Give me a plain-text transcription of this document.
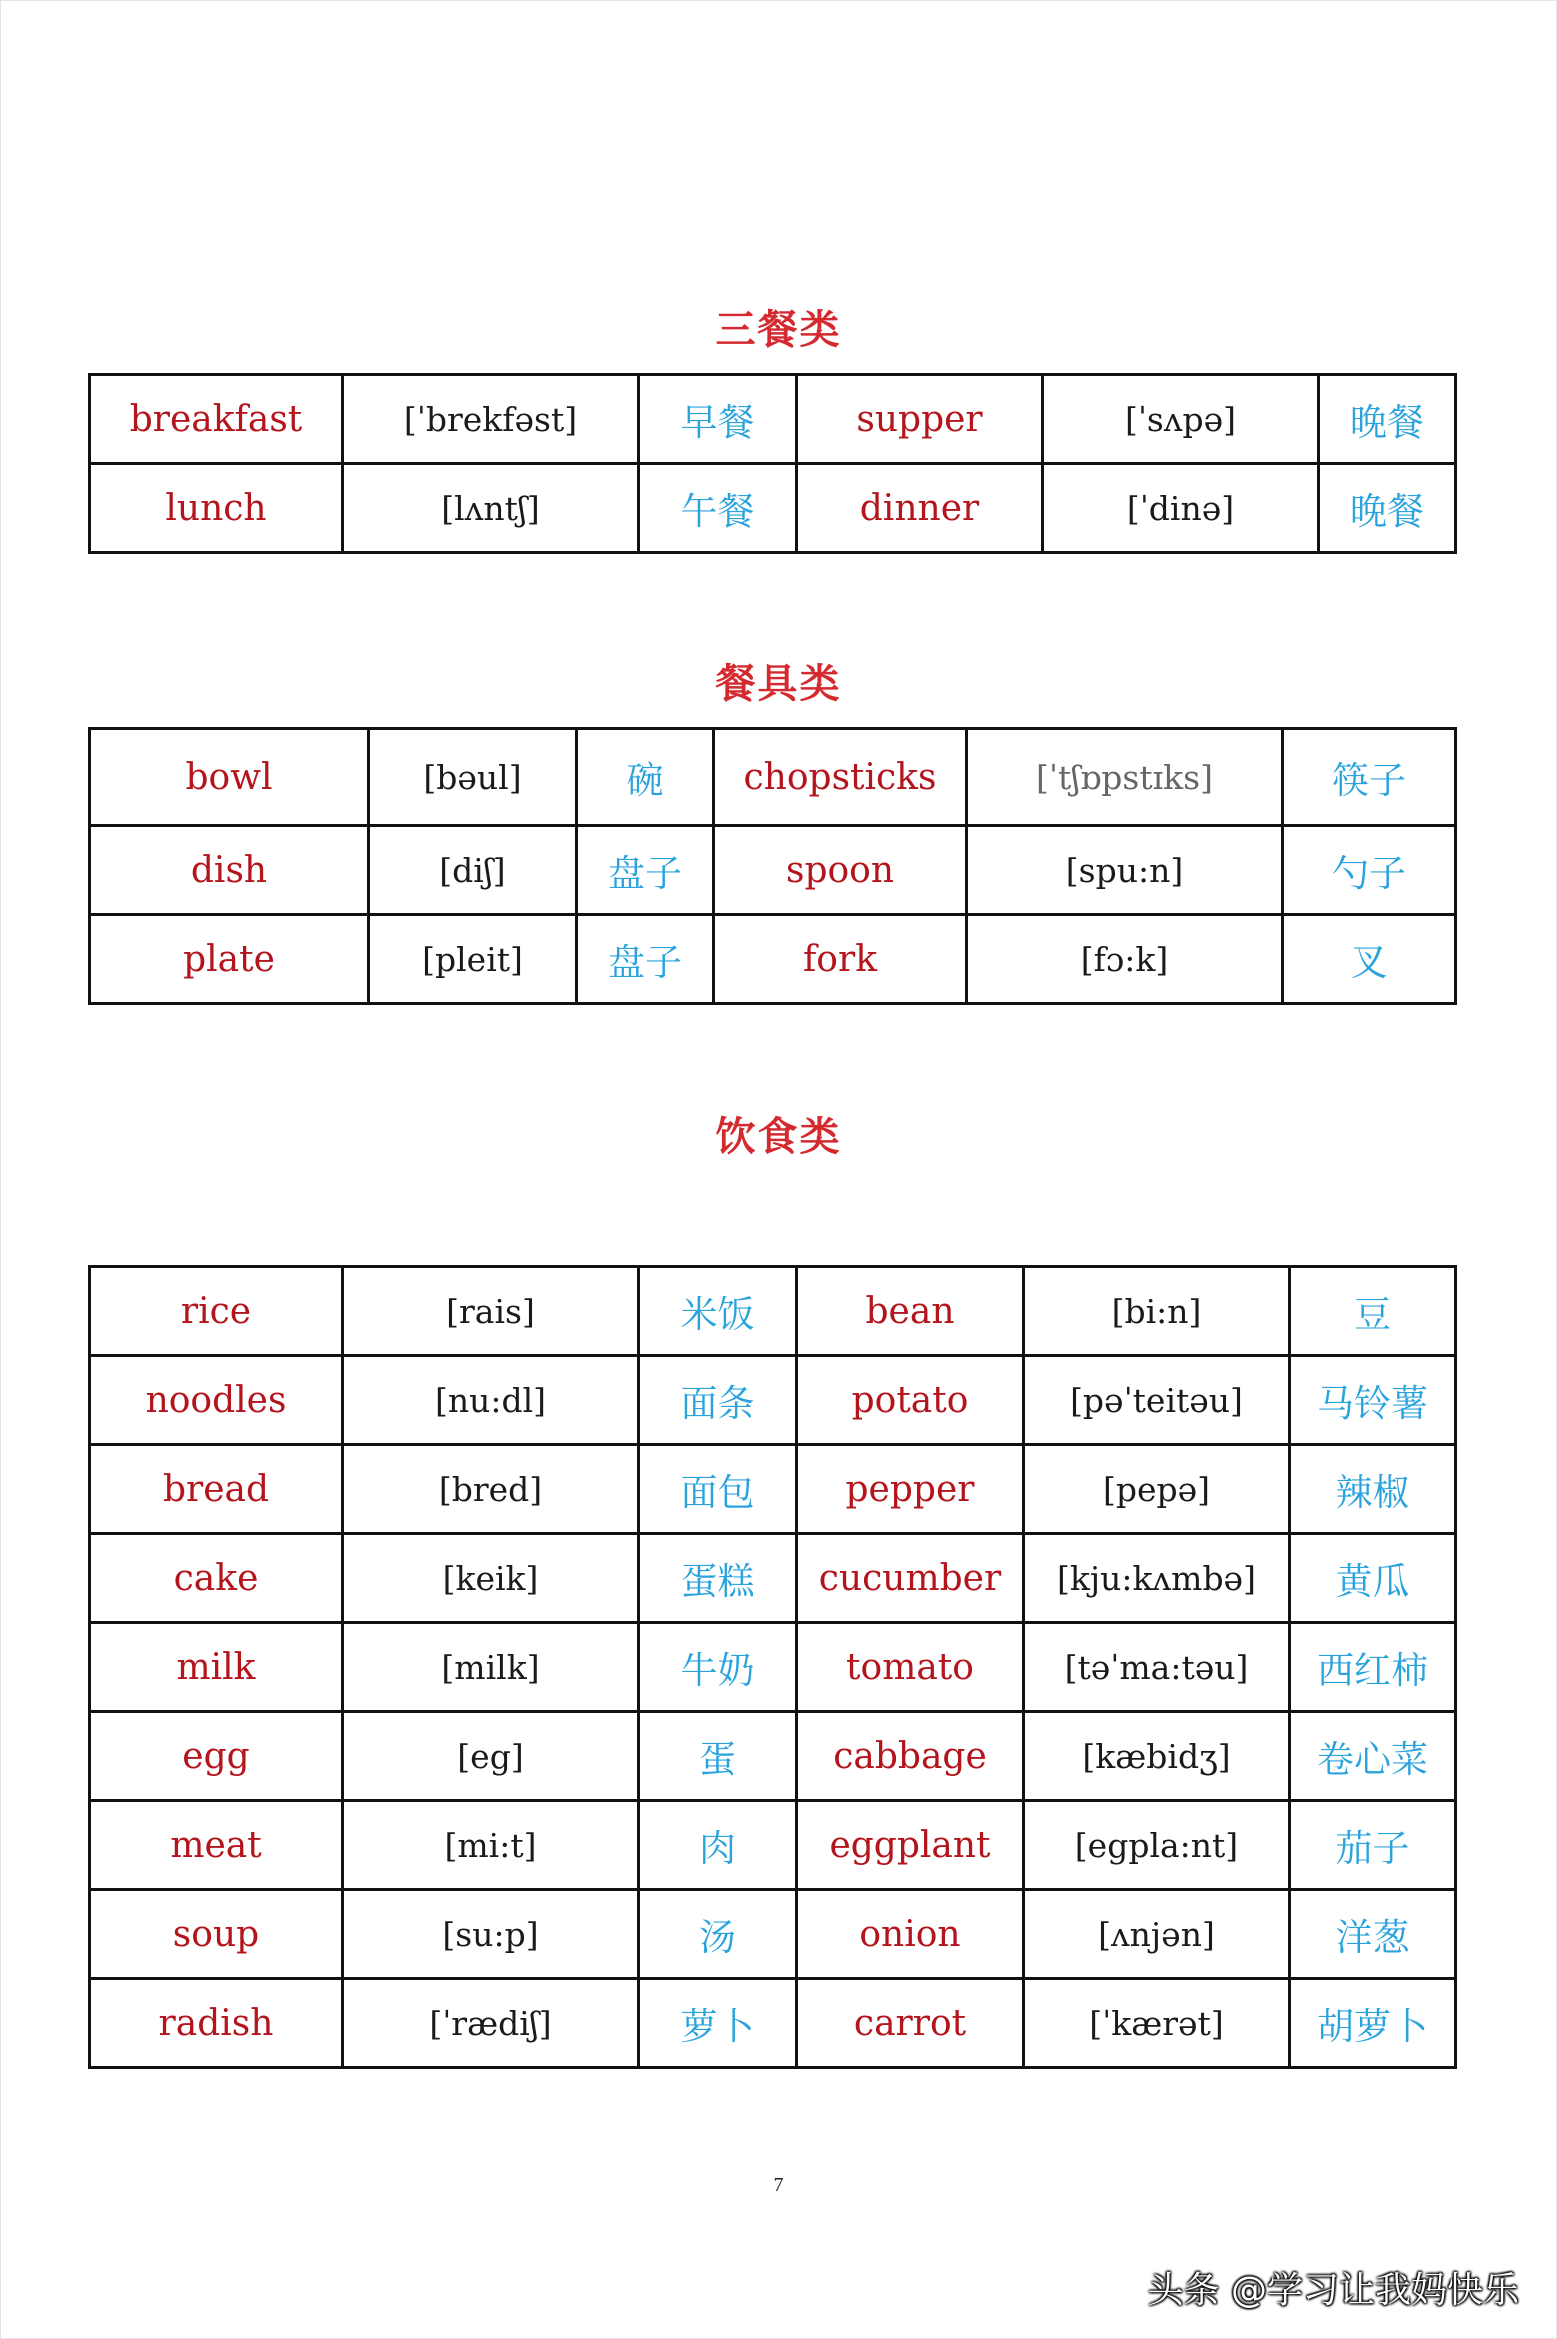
三餐类
breakfast	[ˈbrekfəst]	早餐	supper	[ˈsʌpə]	晚餐
lunch	[lʌntʃ]	午餐	dinner	[ˈdinə]	晚餐
餐具类
bowl	[bəul]	碗	chopsticks	[ˈtʃɒpstɪks]	筷子
dish	[diʃ]	盘子	spoon	[spu:n]	勺子
plate	[pleit]	盘子	fork	[fɔ:k]	叉
饮食类
rice	[rais]	米饭	bean	[bi:n]	豆
noodles	[nu:dl]	面条	potato	[pəˈteitəu]	马铃薯
bread	[bred]	面包	pepper	[pepə]	辣椒
cake	[keik]	蛋糕	cucumber	[kju:kʌmbə]	黄瓜
milk	[milk]	牛奶	tomato	[təˈma:təu]	西红柿
egg	[eg]	蛋	cabbage	[kæbidʒ]	卷心菜
meat	[mi:t]	肉	eggplant	[egpla:nt]	茄子
soup	[su:p]	汤	onion	[ʌnjən]	洋葱
radish	[ˈrædiʃ]	萝卜	carrot	[ˈkærət]	胡萝卜
7
头条 @学习让我妈快乐
